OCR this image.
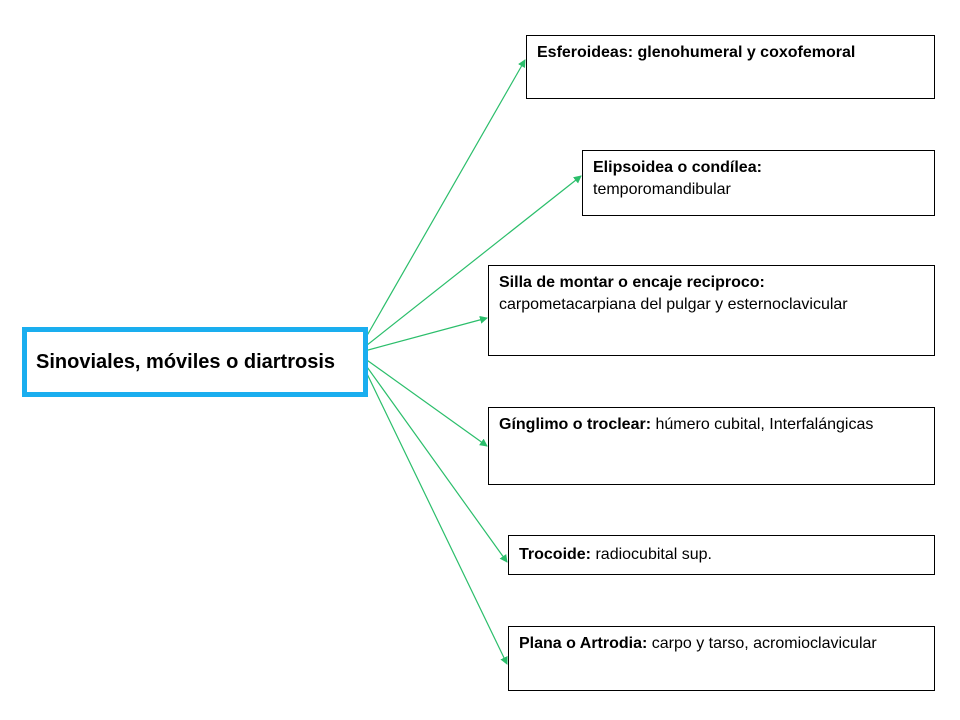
Sinoviales, móviles o diartrosis
Esferoideas: glenohumeral y coxofemoral
Elipsoidea o condílea:
temporomandibular
Silla de montar o encaje reciproco:
carpometacarpiana del pulgar y esternoclavicular
Gínglimo o troclear: húmero cubital, Interfalángicas
Trocoide: radiocubital sup.
Plana o Artrodia: carpo y tarso, acromioclavicular
